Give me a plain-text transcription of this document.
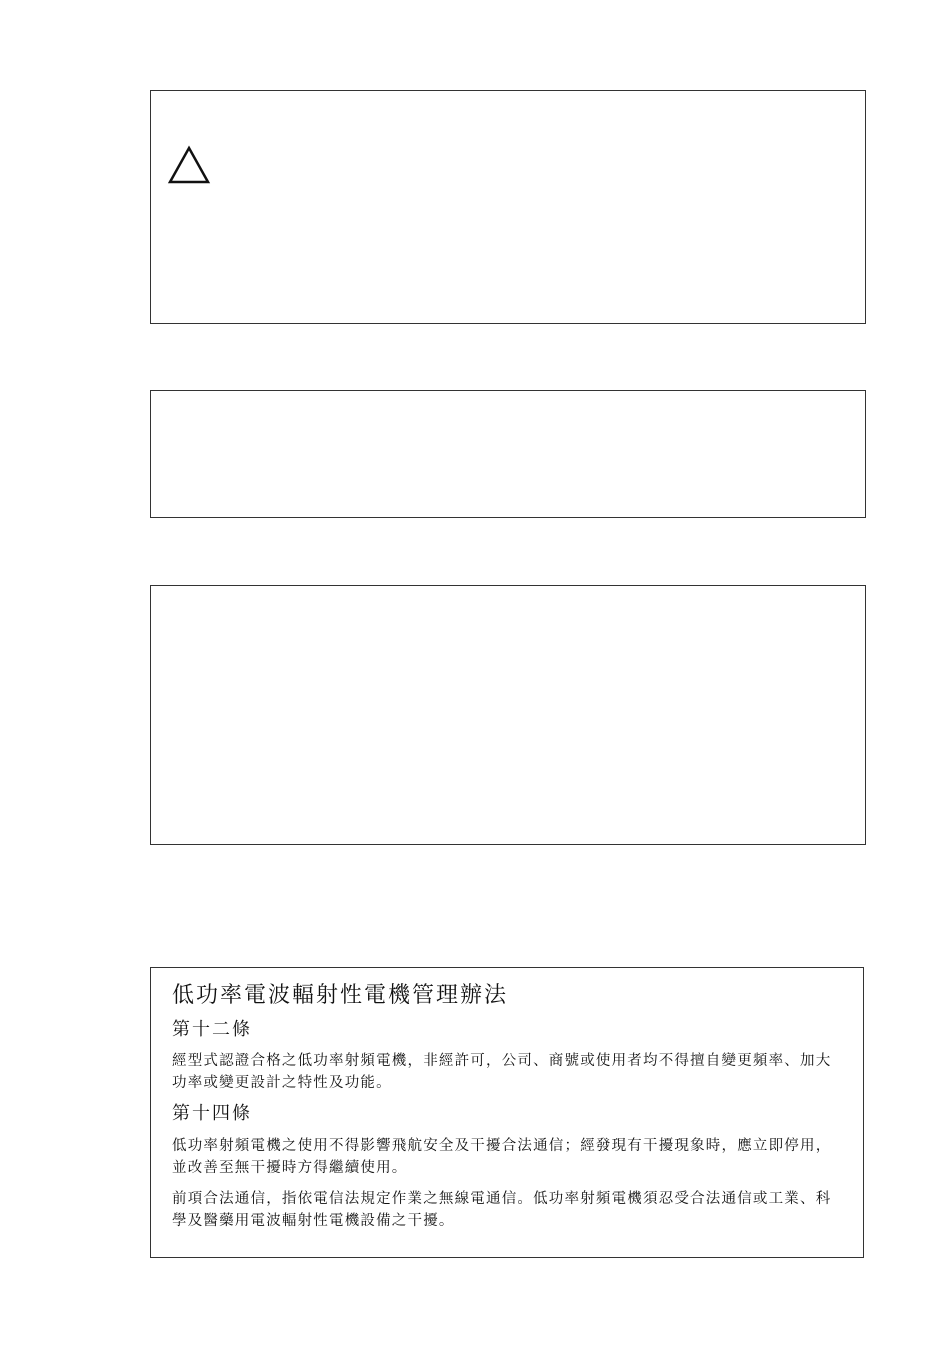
低功率電波輻射性電機管理辦法
第十二條

經型式認證合格之低功率射頻電機，非經許可，公司、商號或使用者均不得擅自變更頻率、加大功率或變更設計之特性及功能。

第十四條

低功率射頻電機之使用不得影響飛航安全及干擾合法通信；經發現有干擾現象時，應立即停用，並改善至無干擾時方得繼續使用。

前項合法通信，指依電信法規定作業之無線電通信。低功率射頻電機須忍受合法通信或工業、科學及醫藥用電波輻射性電機設備之干擾。
